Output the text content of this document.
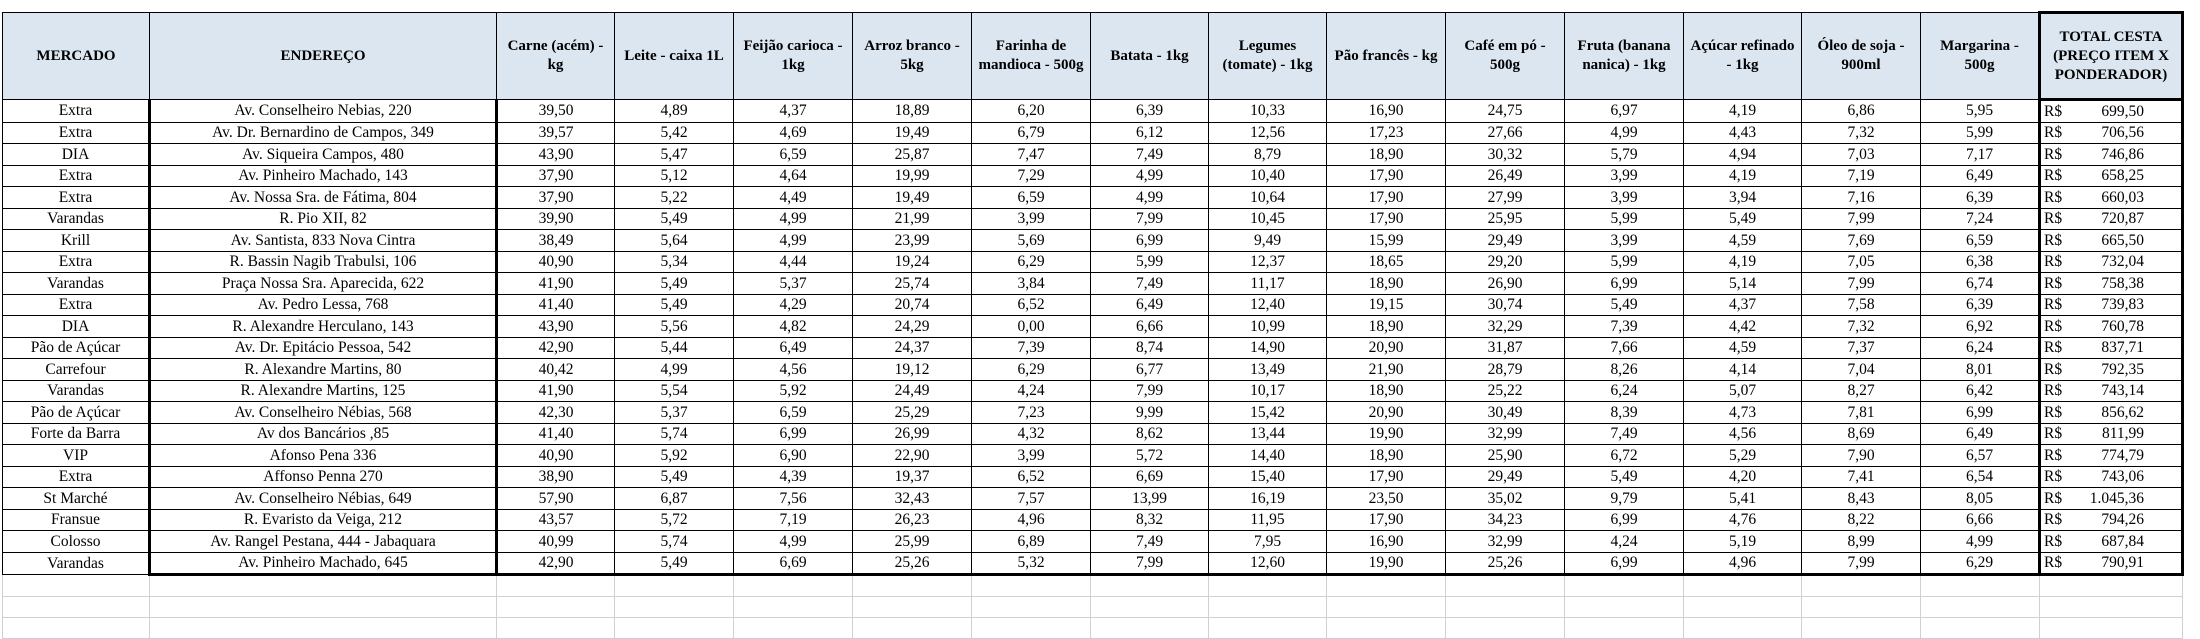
MERCADO	ENDEREÇO	Carne (acém) - kg	Leite - caixa 1L	Feijão carioca - 1kg	Arroz branco - 5kg	Farinha de mandioca - 500g	Batata - 1kg	Legumes (tomate) - 1kg	Pão francês - kg	Café em pó - 500g	Fruta (banana nanica) - 1kg	Açúcar refinado - 1kg	Óleo de soja - 900ml	Margarina - 500g	TOTAL CESTA (PREÇO ITEM X PONDERADOR)
Extra	Av. Conselheiro Nebias, 220	39,50	4,89	4,37	18,89	6,20	6,39	10,33	16,90	24,75	6,97	4,19	6,86	5,95	R$ 699,50
Extra	Av. Dr. Bernardino de Campos, 349	39,57	5,42	4,69	19,49	6,79	6,12	12,56	17,23	27,66	4,99	4,43	7,32	5,99	R$ 706,56
DIA	Av. Siqueira Campos, 480	43,90	5,47	6,59	25,87	7,47	7,49	8,79	18,90	30,32	5,79	4,94	7,03	7,17	R$ 746,86
Extra	Av. Pinheiro Machado, 143	37,90	5,12	4,64	19,99	7,29	4,99	10,40	17,90	26,49	3,99	4,19	7,19	6,49	R$ 658,25
Extra	Av. Nossa Sra. de Fátima, 804	37,90	5,22	4,49	19,49	6,59	4,99	10,64	17,90	27,99	3,99	3,94	7,16	6,39	R$ 660,03
Varandas	R. Pio XII, 82	39,90	5,49	4,99	21,99	3,99	7,99	10,45	17,90	25,95	5,99	5,49	7,99	7,24	R$ 720,87
Krill	Av. Santista, 833 Nova Cintra	38,49	5,64	4,99	23,99	5,69	6,99	9,49	15,99	29,49	3,99	4,59	7,69	6,59	R$ 665,50
Extra	R. Bassin Nagib Trabulsi, 106	40,90	5,34	4,44	19,24	6,29	5,99	12,37	18,65	29,20	5,99	4,19	7,05	6,38	R$ 732,04
Varandas	Praça Nossa Sra. Aparecida, 622	41,90	5,49	5,37	25,74	3,84	7,49	11,17	18,90	26,90	6,99	5,14	7,99	6,74	R$ 758,38
Extra	Av. Pedro Lessa, 768	41,40	5,49	4,29	20,74	6,52	6,49	12,40	19,15	30,74	5,49	4,37	7,58	6,39	R$ 739,83
DIA	R. Alexandre Herculano, 143	43,90	5,56	4,82	24,29	0,00	6,66	10,99	18,90	32,29	7,39	4,42	7,32	6,92	R$ 760,78
Pão de Açúcar	Av. Dr. Epitácio Pessoa, 542	42,90	5,44	6,49	24,37	7,39	8,74	14,90	20,90	31,87	7,66	4,59	7,37	6,24	R$ 837,71
Carrefour	R. Alexandre Martins, 80	40,42	4,99	4,56	19,12	6,29	6,77	13,49	21,90	28,79	8,26	4,14	7,04	8,01	R$ 792,35
Varandas	R. Alexandre Martins, 125	41,90	5,54	5,92	24,49	4,24	7,99	10,17	18,90	25,22	6,24	5,07	8,27	6,42	R$ 743,14
Pão de Açúcar	Av. Conselheiro Nébias, 568	42,30	5,37	6,59	25,29	7,23	9,99	15,42	20,90	30,49	8,39	4,73	7,81	6,99	R$ 856,62
Forte da Barra	Av dos Bancários ,85	41,40	5,74	6,99	26,99	4,32	8,62	13,44	19,90	32,99	7,49	4,56	8,69	6,49	R$ 811,99
VIP	Afonso Pena 336	40,90	5,92	6,90	22,90	3,99	5,72	14,40	18,90	25,90	6,72	5,29	7,90	6,57	R$ 774,79
Extra	Affonso Penna 270	38,90	5,49	4,39	19,37	6,52	6,69	15,40	17,90	29,49	5,49	4,20	7,41	6,54	R$ 743,06
St Marché	Av. Conselheiro Nébias, 649	57,90	6,87	7,56	32,43	7,57	13,99	16,19	23,50	35,02	9,79	5,41	8,43	8,05	R$ 1.045,36
Fransue	R. Evaristo da Veiga, 212	43,57	5,72	7,19	26,23	4,96	8,32	11,95	17,90	34,23	6,99	4,76	8,22	6,66	R$ 794,26
Colosso	Av. Rangel Pestana, 444 - Jabaquara	40,99	5,74	4,99	25,99	6,89	7,49	7,95	16,90	32,99	4,24	5,19	8,99	4,99	R$ 687,84
Varandas	Av. Pinheiro Machado, 645	42,90	5,49	6,69	25,26	5,32	7,99	12,60	19,90	25,26	6,99	4,96	7,99	6,29	R$ 790,91
